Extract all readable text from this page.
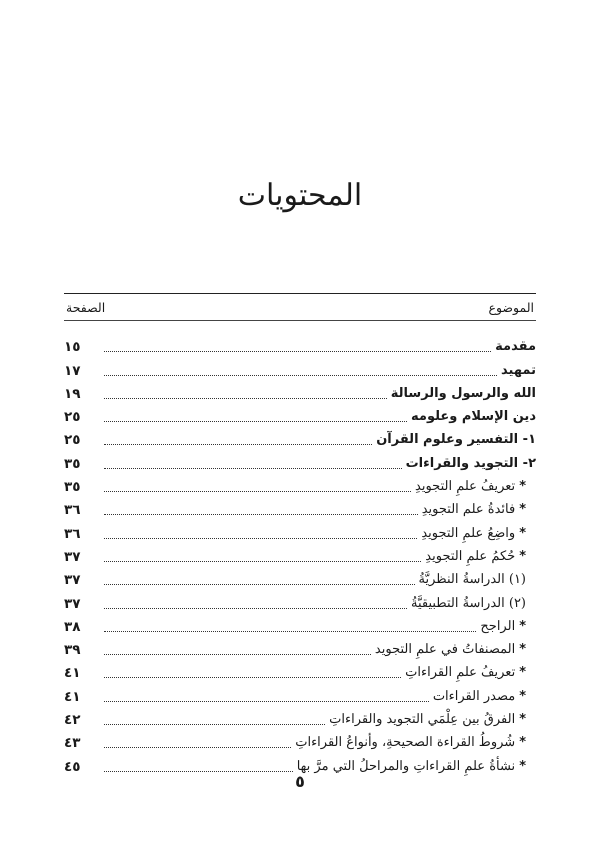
المحتويات
الموضوع
الصفحة
مقدمة
١٥
تمهيد
١٧
الله والرسول والرسالة
١٩
دين الإسلام وعلومه
٢٥
١- التفسير وعلوم القرآن
٢٥
٢- التجويد والقراءات
٣٥
*تعريفُ علمِ التجويدِ
٣٥
*فائدةُ علم التجويدِ
٣٦
*واضِعُ علمِ التجويدِ
٣٦
*حُكمُ علمِ التجويدِ
٣٧
(١) الدراسةُ النظريَّةُ
٣٧
(٢) الدراسةُ التطبيقيَّةُ
٣٧
*الراجح
٣٨
*المصنفاتُ في علمِ التجويد
٣٩
*تعريفُ علمِ القراءاتِ
٤١
*مصدر القراءات
٤١
*الفرقُ بين عِلْمَي التجويد والقراءاتِ
٤٢
*شُروطُ القراءة الصحيحةِ، وأنواعُ القراءاتِ
٤٣
*نشأةُ علمِ القراءاتِ والمراحلُ التي مرَّ بها
٤٥
٥
